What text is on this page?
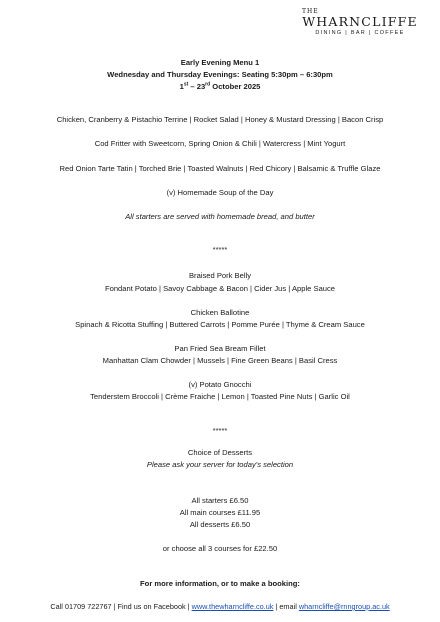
THE
WHARNCLIFFE
DINING | BAR | COFFEE
Early Evening Menu 1
Wednesday and Thursday Evenings: Seating 5:30pm – 6:30pm
1st – 23rd October 2025
Chicken, Cranberry & Pistachio Terrine | Rocket Salad | Honey & Mustard Dressing | Bacon Crisp
Cod Fritter with Sweetcorn, Spring Onion & Chili | Watercress | Mint Yogurt
Red Onion Tarte Tatin | Torched Brie | Toasted Walnuts | Red Chicory | Balsamic & Truffle Glaze
(v) Homemade Soup of the Day
All starters are served with homemade bread, and butter
*****
Braised Pork Belly
Fondant Potato | Savoy Cabbage & Bacon | Cider Jus | Apple Sauce
Chicken Ballotine
Spinach & Ricotta Stuffing | Buttered Carrots | Pomme Purée | Thyme & Cream Sauce
Pan Fried Sea Bream Fillet
Manhattan Clam Chowder | Mussels | Fine Green Beans | Basil Cress
(v) Potato Gnocchi
Tenderstem Broccoli | Crème Fraiche | Lemon | Toasted Pine Nuts | Garlic Oil
*****
Choice of Desserts
Please ask your server for today's selection
All starters £6.50
All main courses £11.95
All desserts £6.50
or choose all 3 courses for £22.50
For more information, or to make a booking:
Call 01709 722767 | Find us on Facebook | www.thewharncliffe.co.uk | email wharncliffe@rnngroup.ac.uk
